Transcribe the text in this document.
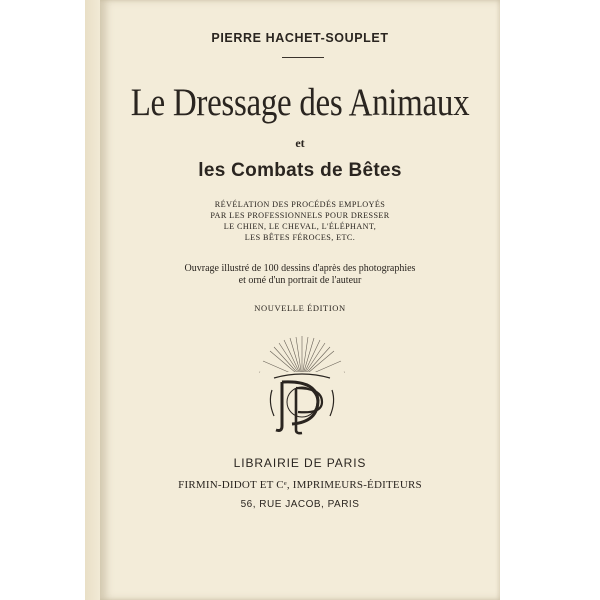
PIERRE HACHET-SOUPLET
Le Dressage des Animaux
et
les Combats de Bêtes
RÉVÉLATION DES PROCÉDÉS EMPLOYÉS
PAR LES PROFESSIONNELS POUR DRESSER
LE CHIEN, LE CHEVAL, L'ÉLÉPHANT,
LES BÊTES FÉROCES, ETC.
Ouvrage illustré de 100 dessins d'après des photographies
et orné d'un portrait de l'auteur
NOUVELLE ÉDITION
LIBRAIRIE DE PARIS
FIRMIN-DIDOT ET Cᵉ, IMPRIMEURS-ÉDITEURS
56, RUE JACOB, PARIS
